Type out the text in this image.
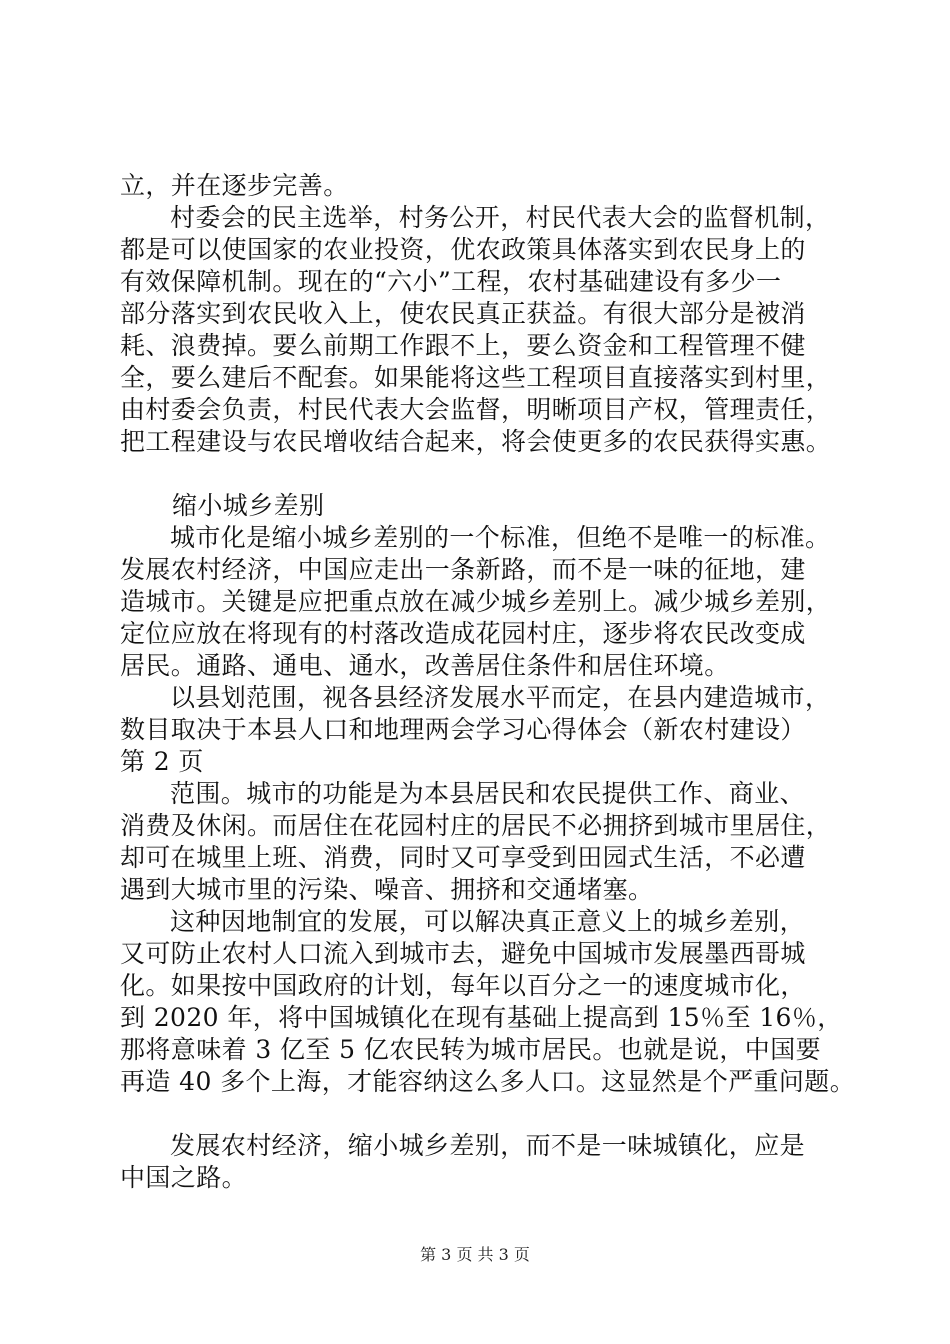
立，并在逐步完善。
村委会的民主选举，村务公开，村民代表大会的监督机制，
都是可以使国家的农业投资，优农政策具体落实到农民身上的
有效保障机制。现在的“六小”工程，农村基础建设有多少一
部分落实到农民收入上，使农民真正获益。有很大部分是被消
耗、浪费掉。要么前期工作跟不上，要么资金和工程管理不健
全，要么建后不配套。如果能将这些工程项目直接落实到村里，
由村委会负责，村民代表大会监督，明晰项目产权，管理责任，
把工程建设与农民增收结合起来，将会使更多的农民获得实惠。
缩小城乡差别
城市化是缩小城乡差别的一个标准，但绝不是唯一的标准。
发展农村经济，中国应走出一条新路，而不是一味的征地，建
造城市。关键是应把重点放在减少城乡差别上。减少城乡差别，
定位应放在将现有的村落改造成花园村庄，逐步将农民改变成
居民。通路、通电、通水，改善居住条件和居住环境。
以县划范围，视各县经济发展水平而定，在县内建造城市，
数目取决于本县人口和地理两会学习心得体会（新农村建设）
第 2 页
范围。城市的功能是为本县居民和农民提供工作、商业、
消费及休闲。而居住在花园村庄的居民不必拥挤到城市里居住，
却可在城里上班、消费，同时又可享受到田园式生活，不必遭
遇到大城市里的污染、噪音、拥挤和交通堵塞。
这种因地制宜的发展，可以解决真正意义上的城乡差别，
又可防止农村人口流入到城市去，避免中国城市发展墨西哥城
化。如果按中国政府的计划，每年以百分之一的速度城市化，
到 2020 年，将中国城镇化在现有基础上提高到 15％至 16％，
那将意味着 3 亿至 5 亿农民转为城市居民。也就是说，中国要
再造 40 多个上海，才能容纳这么多人口。这显然是个严重问题。
发展农村经济，缩小城乡差别，而不是一味城镇化，应是
中国之路。
第 3 页 共 3 页
